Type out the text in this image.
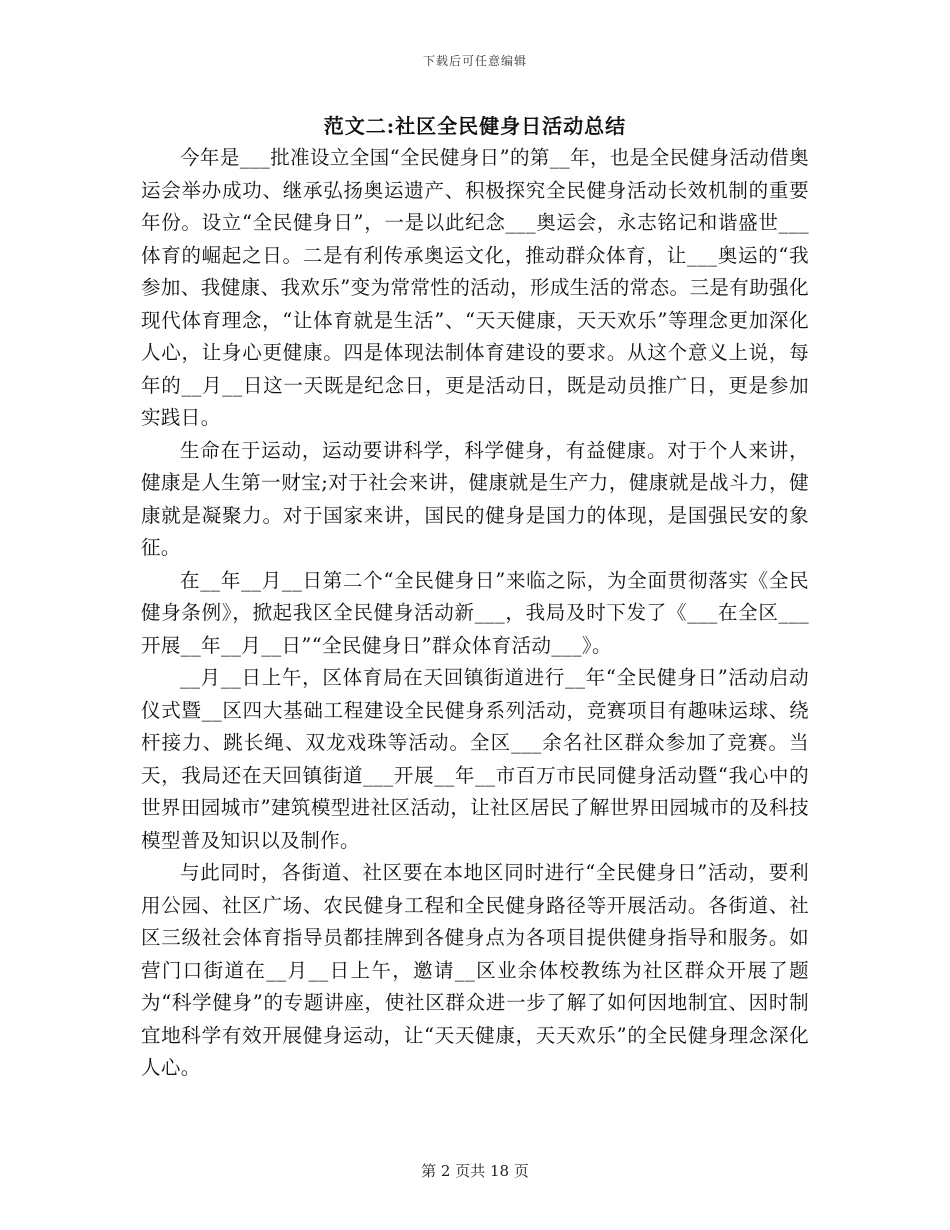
下载后可任意编辑
范文二:社区全民健身日活动总结

今年是___批准设立全国“全民健身日”的第__年，也是全民健身活动借奥运会举办成功、继承弘扬奥运遗产、积极探究全民健身活动长效机制的重要年份。设立“全民健身日”，一是以此纪念___奥运会，永志铭记和谐盛世___体育的崛起之日。二是有利传承奥运文化，推动群众体育，让___奥运的“我参加、我健康、我欢乐”变为常常性的活动，形成生活的常态。三是有助强化现代体育理念，“让体育就是生活”、“天天健康，天天欢乐”等理念更加深化人心，让身心更健康。四是体现法制体育建设的要求。从这个意义上说，每年的__月__日这一天既是纪念日，更是活动日，既是动员推广日，更是参加实践日。

生命在于运动，运动要讲科学，科学健身，有益健康。对于个人来讲，健康是人生第一财宝;对于社会来讲，健康就是生产力，健康就是战斗力，健康就是凝聚力。对于国家来讲，国民的健身是国力的体现，是国强民安的象征。

在__年__月__日第二个“全民健身日”来临之际，为全面贯彻落实《全民健身条例》，掀起我区全民健身活动新___，我局及时下发了《___在全区___开展__年__月__日”“全民健身日”群众体育活动___》。

__月__日上午，区体育局在天回镇街道进行__年“全民健身日”活动启动仪式暨__区四大基础工程建设全民健身系列活动，竞赛项目有趣味运球、绕杆接力、跳长绳、双龙戏珠等活动。全区___余名社区群众参加了竞赛。当天，我局还在天回镇街道___开展__年__市百万市民同健身活动暨“我心中的世界田园城市”建筑模型进社区活动，让社区居民了解世界田园城市的及科技模型普及知识以及制作。

与此同时，各街道、社区要在本地区同时进行“全民健身日”活动，要利用公园、社区广场、农民健身工程和全民健身路径等开展活动。各街道、社区三级社会体育指导员都挂牌到各健身点为各项目提供健身指导和服务。如营门口街道在__月__日上午，邀请__区业余体校教练为社区群众开展了题为“科学健身”的专题讲座，使社区群众进一步了解了如何因地制宜、因时制宜地科学有效开展健身运动，让“天天健康，天天欢乐”的全民健身理念深化人心。

第 2 页共 18 页
